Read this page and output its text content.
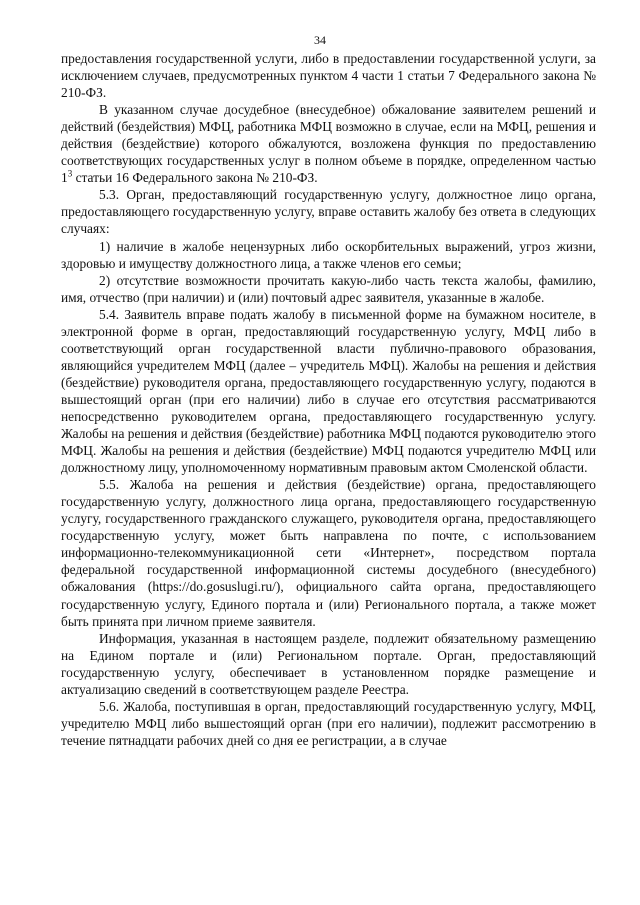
34

предоставления государственной услуги, либо в предоставлении государственной услуги, за исключением случаев, предусмотренных пунктом 4 части 1 статьи 7 Федерального закона № 210-ФЗ.

В указанном случае досудебное (внесудебное) обжалование заявителем решений и действий (бездействия) МФЦ, работника МФЦ возможно в случае, если на МФЦ, решения и действия (бездействие) которого обжалуются, возложена функция по предоставлению соответствующих государственных услуг в полном объеме в порядке, определенном частью $1^3$ статьи 16 Федерального закона № 210-ФЗ.

5.3. Орган, предоставляющий государственную услугу, должностное лицо органа, предоставляющего государственную услугу, вправе оставить жалобу без ответа в следующих случаях:

1) наличие в жалобе нецензурных либо оскорбительных выражений, угроз жизни, здоровью и имуществу должностного лица, а также членов его семьи;

2) отсутствие возможности прочитать какую-либо часть текста жалобы, фамилию, имя, отчество (при наличии) и (или) почтовый адрес заявителя, указанные в жалобе.

5.4. Заявитель вправе подать жалобу в письменной форме на бумажном носителе, в электронной форме в орган, предоставляющий государственную услугу, МФЦ либо в соответствующий орган государственной власти публично-правового образования, являющийся учредителем МФЦ (далее – учредитель МФЦ). Жалобы на решения и действия (бездействие) руководителя органа, предоставляющего государственную услугу, подаются в вышестоящий орган (при его наличии) либо в случае его отсутствия рассматриваются непосредственно руководителем органа, предоставляющего государственную услугу. Жалобы на решения и действия (бездействие) работника МФЦ подаются руководителю этого МФЦ. Жалобы на решения и действия (бездействие) МФЦ подаются учредителю МФЦ или должностному лицу, уполномоченному нормативным правовым актом Смоленской области.

5.5. Жалоба на решения и действия (бездействие) органа, предоставляющего государственную услугу, должностного лица органа, предоставляющего государственную услугу, государственного гражданского служащего, руководителя органа, предоставляющего государственную услугу, может быть направлена по почте, с использованием информационно-телекоммуникационной сети «Интернет», посредством портала федеральной государственной информационной системы досудебного (внесудебного) обжалования (https://do.gosuslugi.ru/), официального сайта органа, предоставляющего государственную услугу, Единого портала и (или) Регионального портала, а также может быть принята при личном приеме заявителя.

Информация, указанная в настоящем разделе, подлежит обязательному размещению на Едином портале и (или) Региональном портале. Орган, предоставляющий государственную услугу, обеспечивает в установленном порядке размещение и актуализацию сведений в соответствующем разделе Реестра.

5.6. Жалоба, поступившая в орган, предоставляющий государственную услугу, МФЦ, учредителю МФЦ либо вышестоящий орган (при его наличии), подлежит рассмотрению в течение пятнадцати рабочих дней со дня ее регистрации, а в случае
